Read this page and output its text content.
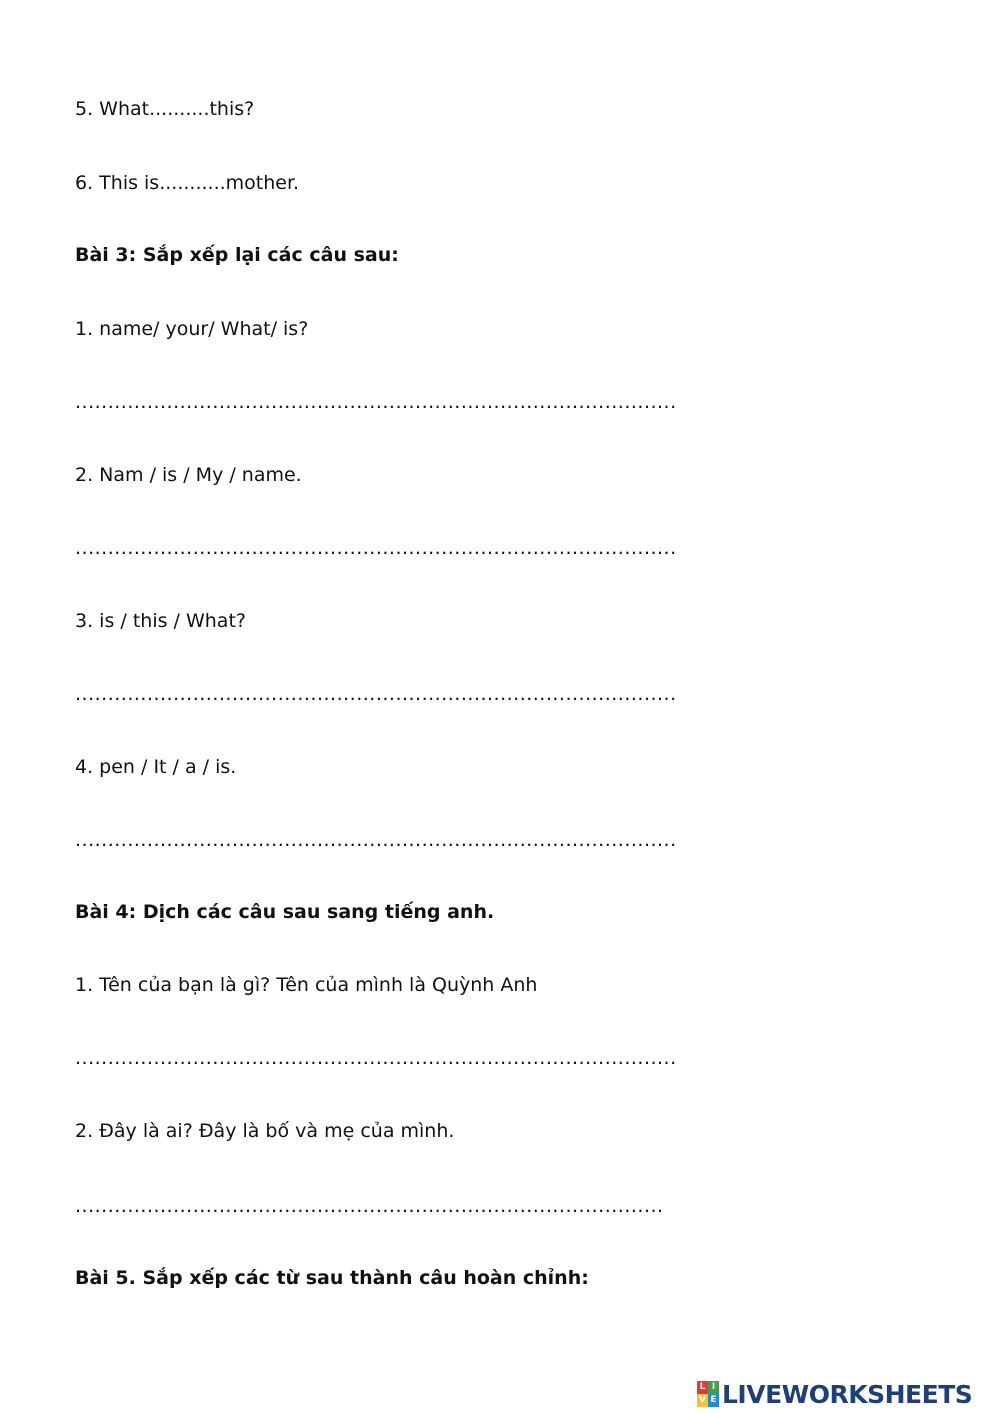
5. What..........this?
6. This is...........mother.
Bài 3: Sắp xếp lại các câu sau:
1. name/ your/ What/ is?
............................................................................................
2. Nam / is / My / name.
............................................................................................
3. is / this / What?
............................................................................................
4. pen / It / a / is.
............................................................................................
Bài 4: Dịch các câu sau sang tiếng anh.
1. Tên của bạn là gì? Tên của mình là Quỳnh Anh
............................................................................................
2. Đây là ai? Đây là bố và mẹ của mình.
..........................................................................................
Bài 5. Sắp xếp các từ sau thành câu hoàn chỉnh:
L I
V E LIVEWORKSHEETS
